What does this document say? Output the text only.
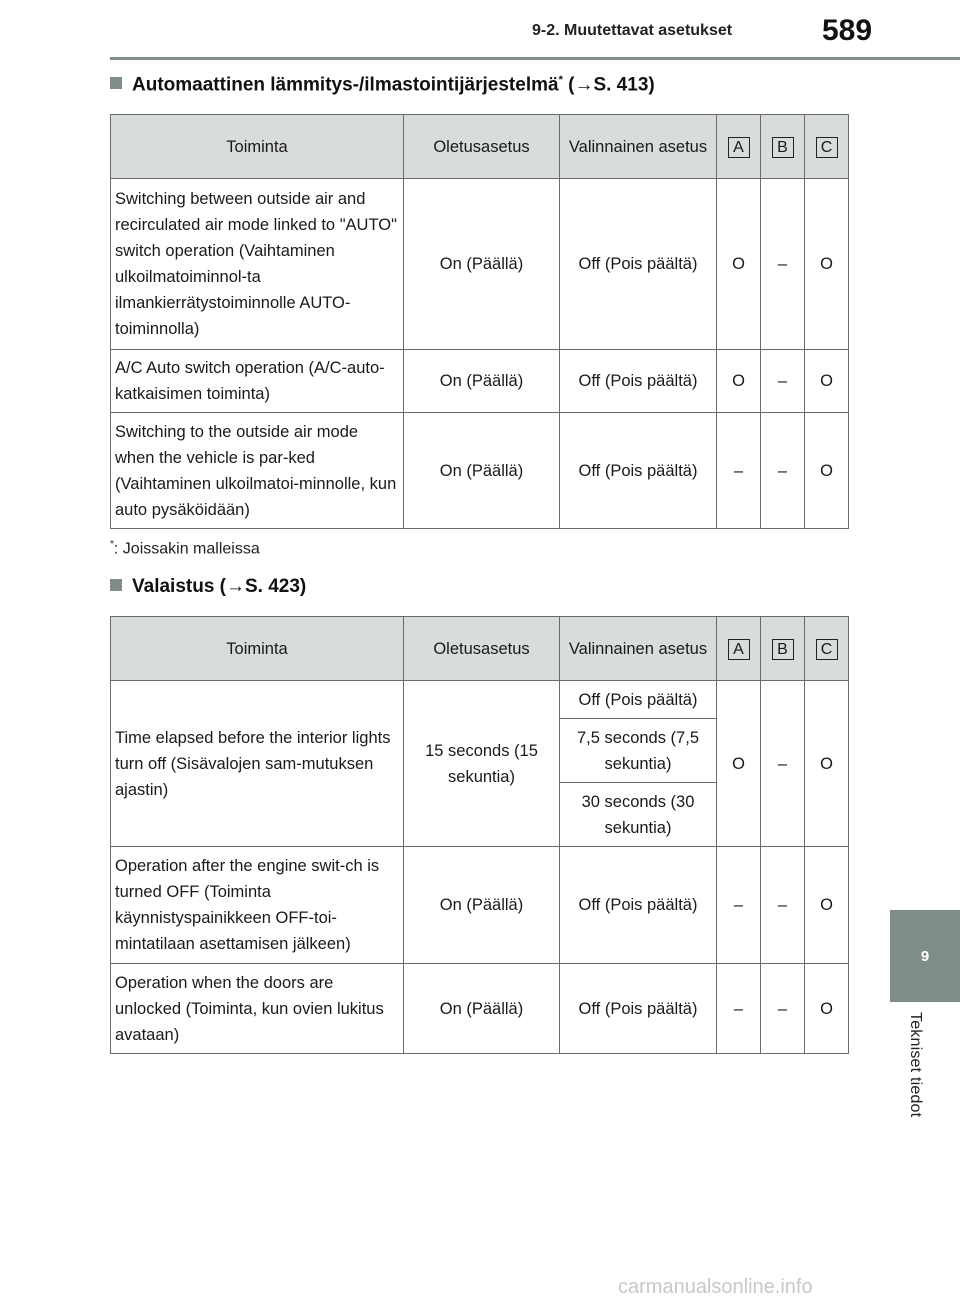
9-2. Muutettavat asetukset	589
9
Tekniset tiedot
Automaattinen lämmitys-/ilmastointijärjestelmä* (→S. 413)
Toiminta	Oletusasetus	Valinnainen asetus	A	B	C
Switching between outside air and recirculated air mode linked to "AUTO" switch operation (Vaihtaminen ulkoilmatoiminnol-ta ilmankierrätystoiminnolle AUTO-toiminnolla)	On (Päällä)	Off (Pois päältä)	O	–	O
A/C Auto switch operation (A/C-auto-katkaisimen toiminta)	On (Päällä)	Off (Pois päältä)	O	–	O
Switching to the outside air mode when the vehicle is par-ked (Vaihtaminen ulkoilmatoi-minnolle, kun auto pysäköidään)	On (Päällä)	Off (Pois päältä)	–	–	O
*: Joissakin malleissa
Valaistus (→S. 423)
Toiminta	Oletusasetus	Valinnainen asetus	A	B	C
Time elapsed before the interior lights turn off (Sisävalojen sam-mutuksen ajastin)	15 seconds (15 sekuntia)	Off (Pois päältä)	O	–	O
		7,5 seconds (7,5 sekuntia)			
		30 seconds (30 sekuntia)			
Operation after the engine swit-ch is turned OFF (Toiminta käynnistyspainikkeen OFF-toi-mintatilaan asettamisen jälkeen)	On (Päällä)	Off (Pois päältä)	–	–	O
Operation when the doors are unlocked (Toiminta, kun ovien lukitus avataan)	On (Päällä)	Off (Pois päältä)	–	–	O
carmanualsonline.info
